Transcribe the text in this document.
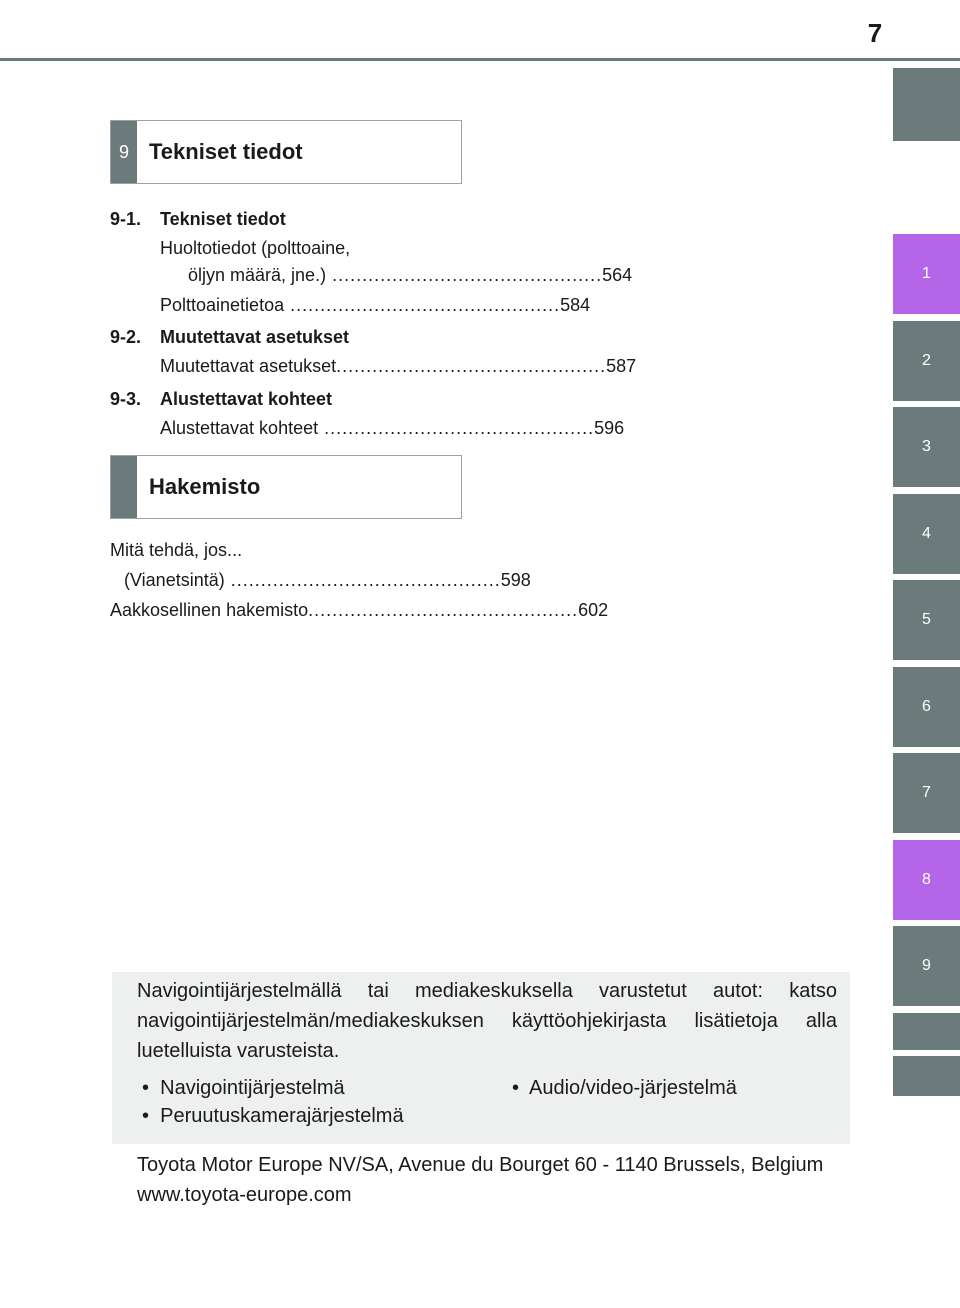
7
1
2
3
4
5
6
7
8
9
9 Tekniset tiedot
9-1. Tekniset tiedot
Huoltotiedot (polttoaine,
öljyn määrä, jne.) ............................................. 564
Polttoainetietoa ............................................. 584
9-2. Muutettavat asetukset
Muutettavat asetukset ............................................. 587
9-3. Alustettavat kohteet
Alustettavat kohteet ............................................. 596
Hakemisto
Mitä tehdä, jos...
(Vianetsintä) ............................................. 598
Aakkosellinen hakemisto ............................................. 602
Navigointijärjestelmällä tai mediakeskuksella varustetut autot: katso navigointijärjestelmän/mediakeskuksen käyttöohjekirjasta lisätietoja alla luetelluista varusteista.
•  Navigointijärjestelmä
•  Peruutuskamerajärjestelmä
•  Audio/video-järjestelmä
Toyota Motor Europe NV/SA, Avenue du Bourget 60 - 1140 Brussels, Belgium www.toyota-europe.com
